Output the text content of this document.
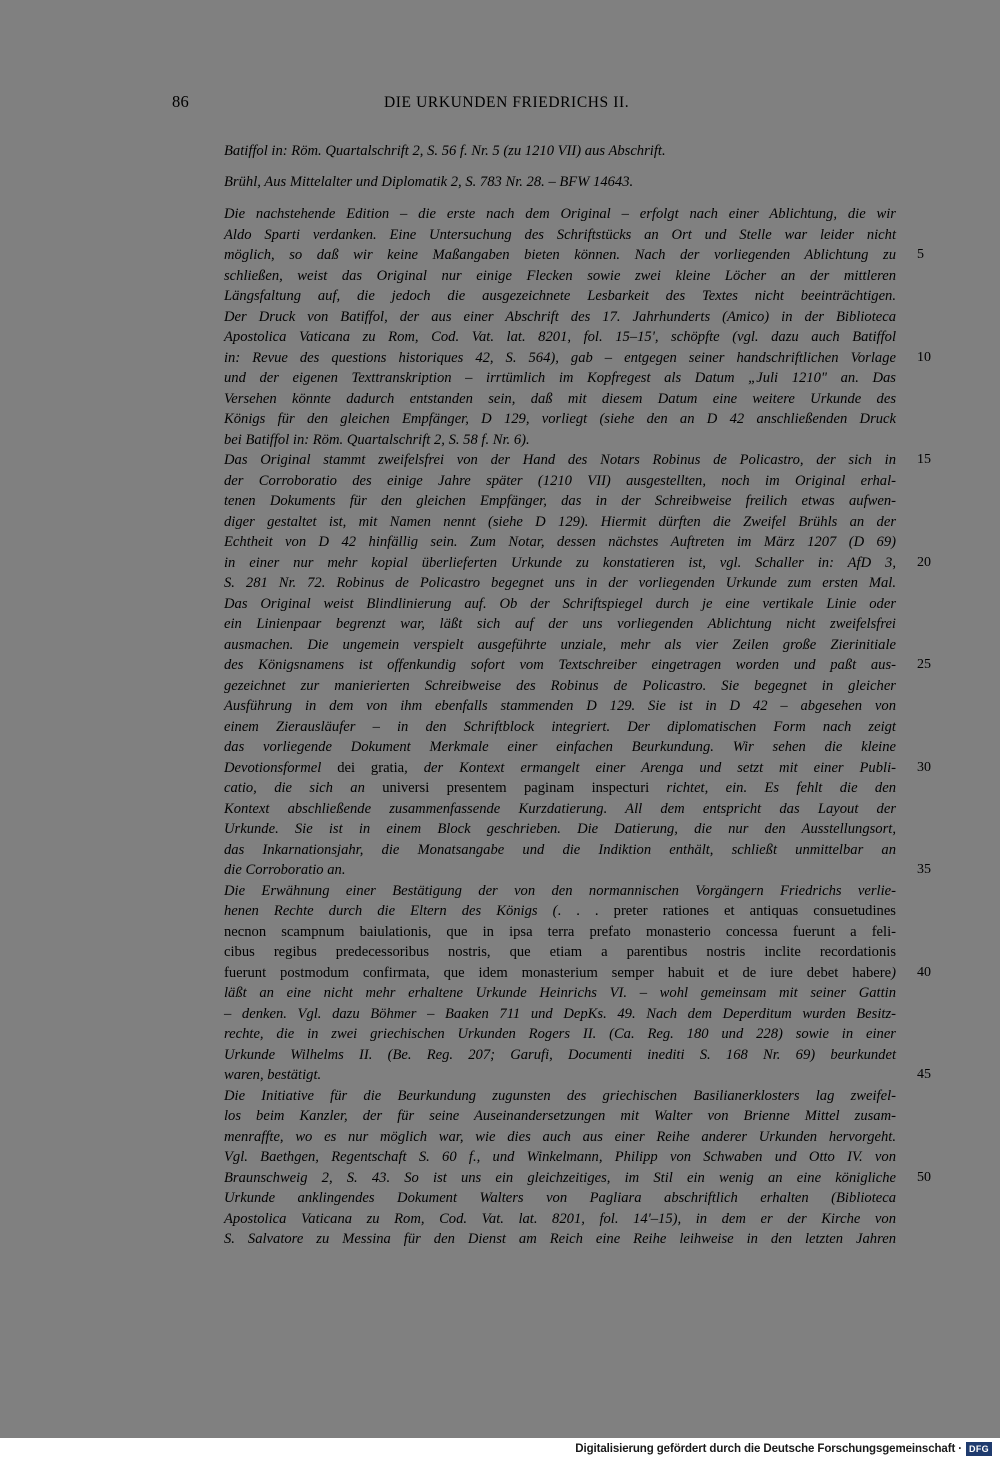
86	DIE URKUNDEN FRIEDRICHS II.
Batiffol in: Röm. Quartalschrift 2, S. 56 f. Nr. 5 (zu 1210 VII) aus Abschrift.
Brühl, Aus Mittelalter und Diplomatik 2, S. 783 Nr. 28. – BFW 14643.
Die nachstehende Edition – die erste nach dem Original – erfolgt nach einer Ablichtung, die wir
Aldo Sparti verdanken. Eine Untersuchung des Schriftstücks an Ort und Stelle war leider nicht
möglich, so daß wir keine Maßangaben bieten können. Nach der vorliegenden Ablichtung zu 5
schließen, weist das Original nur einige Flecken sowie zwei kleine Löcher an der mittleren
Längsfaltung auf, die jedoch die ausgezeichnete Lesbarkeit des Textes nicht beeinträchtigen.
Der Druck von Batiffol, der aus einer Abschrift des 17. Jahrhunderts (Amico) in der Biblioteca
Apostolica Vaticana zu Rom, Cod. Vat. lat. 8201, fol. 15–15', schöpfte (vgl. dazu auch Batiffol
in: Revue des questions historiques 42, S. 564), gab – entgegen seiner handschriftlichen Vorlage 10
und der eigenen Texttranskription – irrtümlich im Kopfregest als Datum „Juli 1210" an. Das
Versehen könnte dadurch entstanden sein, daß mit diesem Datum eine weitere Urkunde des
Königs für den gleichen Empfänger, D 129, vorliegt (siehe den an D 42 anschließenden Druck
bei Batiffol in: Röm. Quartalschrift 2, S. 58 f. Nr. 6).
Das Original stammt zweifelsfrei von der Hand des Notars Robinus de Policastro, der sich in 15
der Corroboratio des einige Jahre später (1210 VII) ausgestellten, noch im Original erhal-
tenen Dokuments für den gleichen Empfänger, das in der Schreibweise freilich etwas aufwen-
diger gestaltet ist, mit Namen nennt (siehe D 129). Hiermit dürften die Zweifel Brühls an der
Echtheit von D 42 hinfällig sein. Zum Notar, dessen nächstes Auftreten im März 1207 (D 69)
in einer nur mehr kopial überlieferten Urkunde zu konstatieren ist, vgl. Schaller in: AfD 3, 20
S. 281 Nr. 72. Robinus de Policastro begegnet uns in der vorliegenden Urkunde zum ersten Mal.
Das Original weist Blindlinierung auf. Ob der Schriftspiegel durch je eine vertikale Linie oder
ein Linienpaar begrenzt war, läßt sich auf der uns vorliegenden Ablichtung nicht zweifelsfrei
ausmachen. Die ungemein verspielt ausgeführte unziale, mehr als vier Zeilen große Zierinitiale
des Königsnamens ist offenkundig sofort vom Textschreiber eingetragen worden und paßt aus- 25
gezeichnet zur manierierten Schreibweise des Robinus de Policastro. Sie begegnet in gleicher
Ausführung in dem von ihm ebenfalls stammenden D 129. Sie ist in D 42 – abgesehen von
einem Zierausläufer – in den Schriftblock integriert. Der diplomatischen Form nach zeigt
das vorliegende Dokument Merkmale einer einfachen Beurkundung. Wir sehen die kleine
Devotionsformel dei gratia, der Kontext ermangelt einer Arenga und setzt mit einer Publi- 30
catio, die sich an universi presentem paginam inspecturi richtet, ein. Es fehlt die den
Kontext abschließende zusammenfassende Kurzdatierung. All dem entspricht das Layout der
Urkunde. Sie ist in einem Block geschrieben. Die Datierung, die nur den Ausstellungsort,
das Inkarnationsjahr, die Monatsangabe und die Indiktion enthält, schließt unmittelbar an
die Corroboratio an.	35
Die Erwähnung einer Bestätigung der von den normannischen Vorgängern Friedrichs verlie-
henen Rechte durch die Eltern des Königs (. . . preter rationes et antiquas consuetudines
necnon scampnum baiulationis, que in ipsa terra prefato monasterio concessa fuerunt a feli-
cibus regibus predecessoribus nostris, que etiam a parentibus nostris inclite recordationis
fuerunt postmodum confirmata, que idem monasterium semper habuit et de iure debet habere) 40
läßt an eine nicht mehr erhaltene Urkunde Heinrichs VI. – wohl gemeinsam mit seiner Gattin
– denken. Vgl. dazu Böhmer – Baaken 711 und DepKs. 49. Nach dem Deperditum wurden Besitz-
rechte, die in zwei griechischen Urkunden Rogers II. (Ca. Reg. 180 und 228) sowie in einer
Urkunde Wilhelms II. (Be. Reg. 207; Garufi, Documenti inediti S. 168 Nr. 69) beurkundet
waren, bestätigt.	45
Die Initiative für die Beurkundung zugunsten des griechischen Basilianerklosters lag zweifel-
los beim Kanzler, der für seine Auseinandersetzungen mit Walter von Brienne Mittel zusam-
menraffte, wo es nur möglich war, wie dies auch aus einer Reihe anderer Urkunden hervorgeht.
Vgl. Baethgen, Regentschaft S. 60 f., und Winkelmann, Philipp von Schwaben und Otto IV. von
Braunschweig 2, S. 43. So ist uns ein gleichzeitiges, im Stil ein wenig an eine königliche 50
Urkunde anklingendes Dokument Walters von Pagliara abschriftlich erhalten (Biblioteca
Apostolica Vaticana zu Rom, Cod. Vat. lat. 8201, fol. 14'–15), in dem er der Kirche von
S. Salvatore zu Messina für den Dienst am Reich eine Reihe leihweise in den letzten Jahren
Digitalisierung gefördert durch die Deutsche Forschungsgemeinschaft · DFG
